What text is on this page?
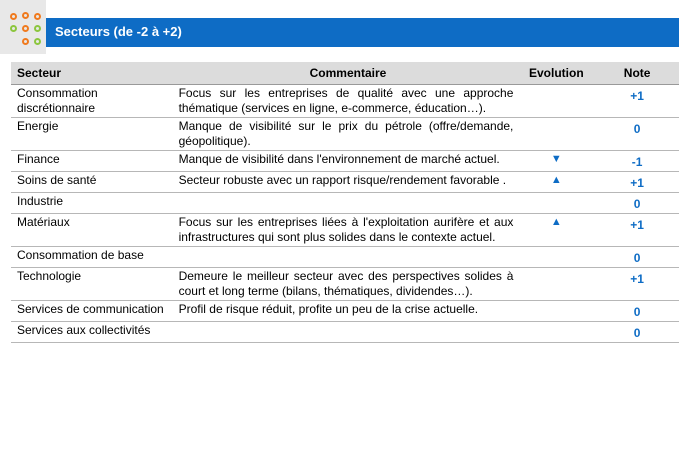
Secteurs (de -2 à +2)
Secteur	Commentaire	Evolution	Note
Consommation discrétionnaire	Focus sur les entreprises de qualité avec une approche thématique (services en ligne, e-commerce, éducation…).		+1
Energie	Manque de visibilité sur le prix du pétrole (offre/demande, géopolitique).		0
Finance	Manque de visibilité dans l'environnement de marché actuel.	▼	-1
Soins de santé	Secteur robuste avec un rapport risque/rendement favorable .	▲	+1
Industrie			0
Matériaux	Focus sur les entreprises liées à l'exploitation aurifère et aux infrastructures qui sont plus solides dans le contexte actuel.	▲	+1
Consommation de base			0
Technologie	Demeure le meilleur secteur avec des perspectives solides à court et long terme (bilans, thématiques, dividendes…).		+1
Services de communication	Profil de risque réduit, profite un peu de la crise actuelle.		0
Services aux collectivités			0
